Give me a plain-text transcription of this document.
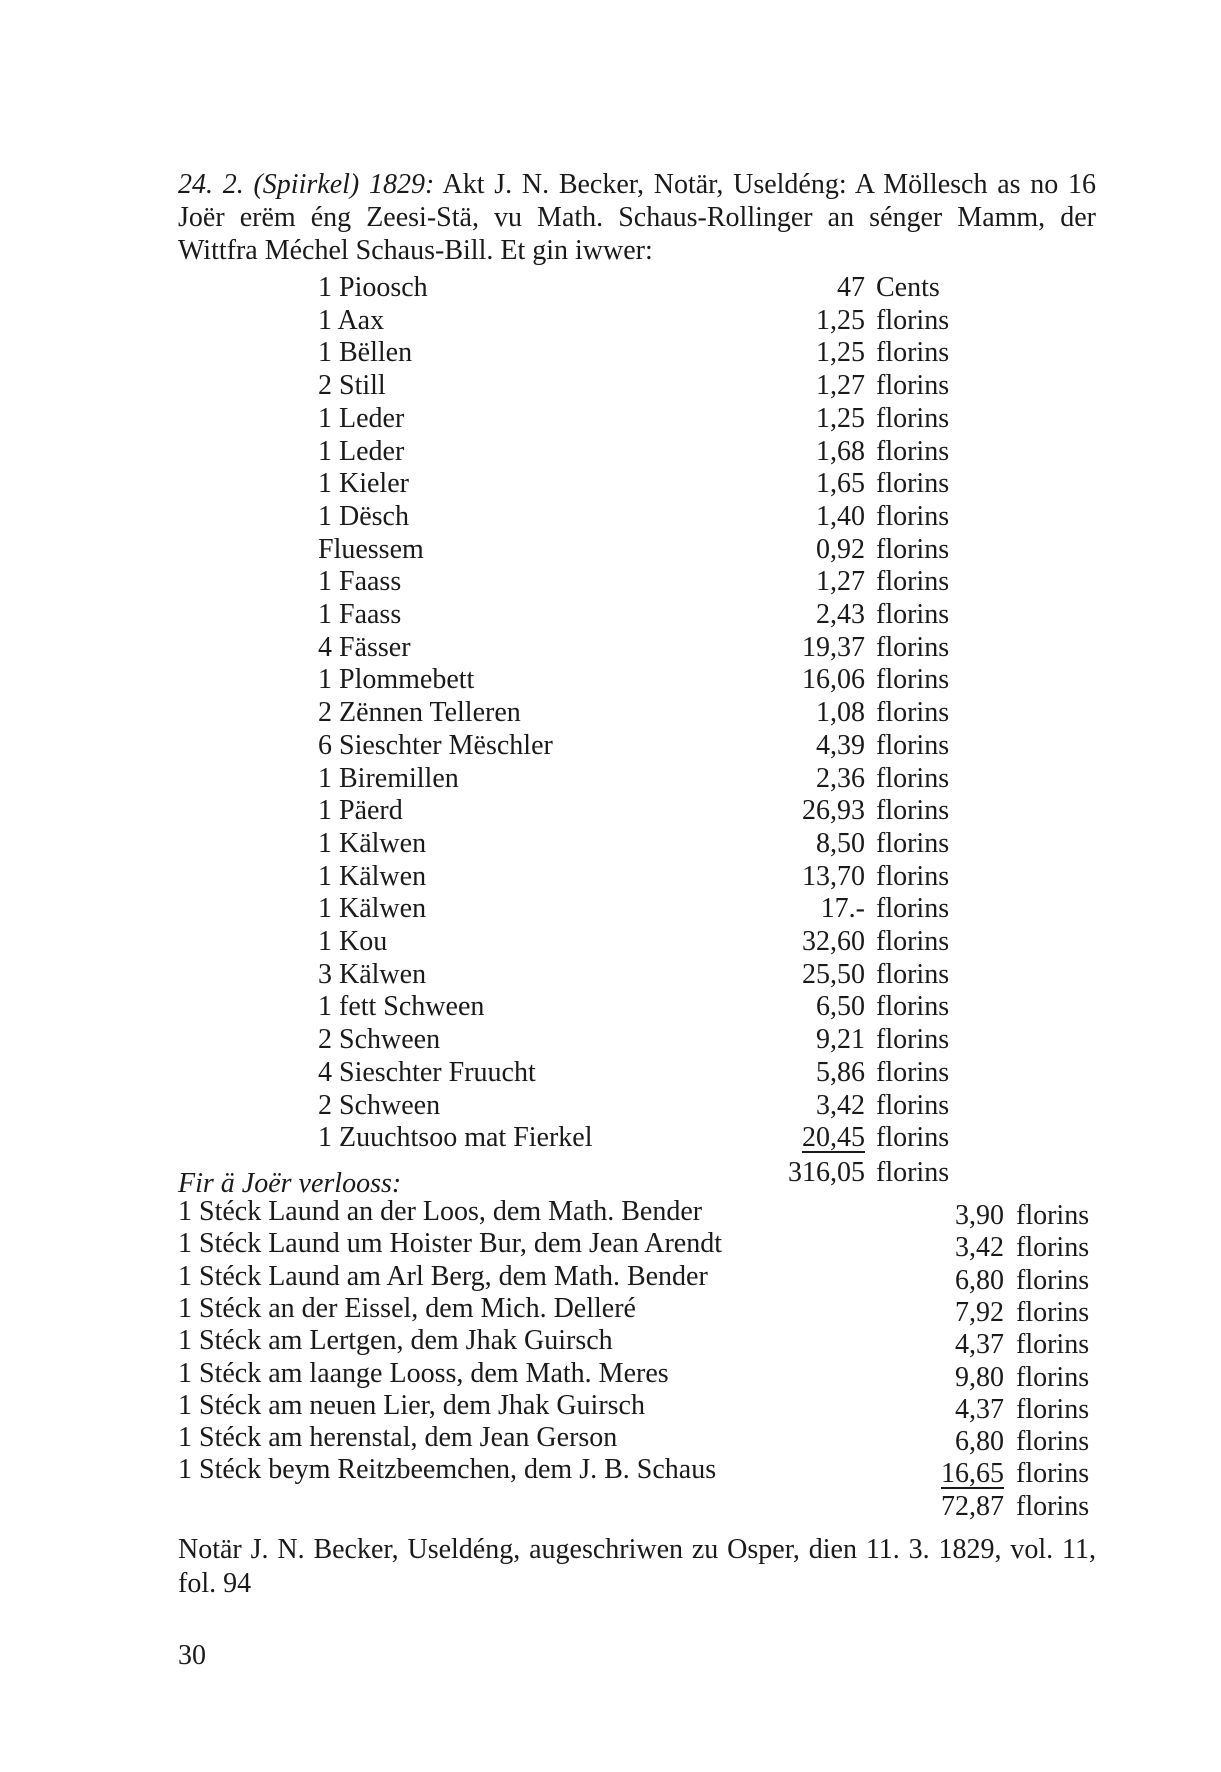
24. 2. (Spiirkel) 1829: Akt J. N. Becker, Notär, Useldéng: A Möllesch as no 16 Joër erëm éng Zeesi-Stä, vu Math. Schaus-Rollinger an sénger Mamm, der Wittfra Méchel Schaus-Bill. Et gin iwwer:

1 Pioosch	47 Cents
1 Aax	1,25 florins
1 Bëllen	1,25 florins
2 Still	1,27 florins
1 Leder	1,25 florins
1 Leder	1,68 florins
1 Kieler	1,65 florins
1 Dësch	1,40 florins
Fluessem	0,92 florins
1 Faass	1,27 florins
1 Faass	2,43 florins
4 Fässer	19,37 florins
1 Plommebett	16,06 florins
2 Zënnen Telleren	1,08 florins
6 Sieschter Mëschler	4,39 florins
1 Biremillen	2,36 florins
1 Päerd	26,93 florins
1 Kälwen	8,50 florins
1 Kälwen	13,70 florins
1 Kälwen	17.- florins
1 Kou	32,60 florins
3 Kälwen	25,50 florins
1 fett Schween	6,50 florins
2 Schween	9,21 florins
4 Sieschter Fruucht	5,86 florins
2 Schween	3,42 florins
1 Zuuchtsoo mat Fierkel	20,45 florins
316,05 florins
Fir ä Joër verlooss:
1 Stéck Laund an der Loos, dem Math. Bender	3,90 florins
1 Stéck Laund um Hoister Bur, dem Jean Arendt	3,42 florins
1 Stéck Laund am Arl Berg, dem Math. Bender	6,80 florins
1 Stéck an der Eissel, dem Mich. Delleré	7,92 florins
1 Stéck am Lertgen, dem Jhak Guirsch	4,37 florins
1 Stéck am laange Looss, dem Math. Meres	9,80 florins
1 Stéck am neuen Lier, dem Jhak Guirsch	4,37 florins
1 Stéck am herenstal, dem Jean Gerson	6,80 florins
1 Stéck beym Reitzbeemchen, dem J. B. Schaus	16,65 florins
72,87 florins

Notär J. N. Becker, Useldéng, augeschriwen zu Osper, dien 11. 3. 1829, vol. 11, fol. 94

30
